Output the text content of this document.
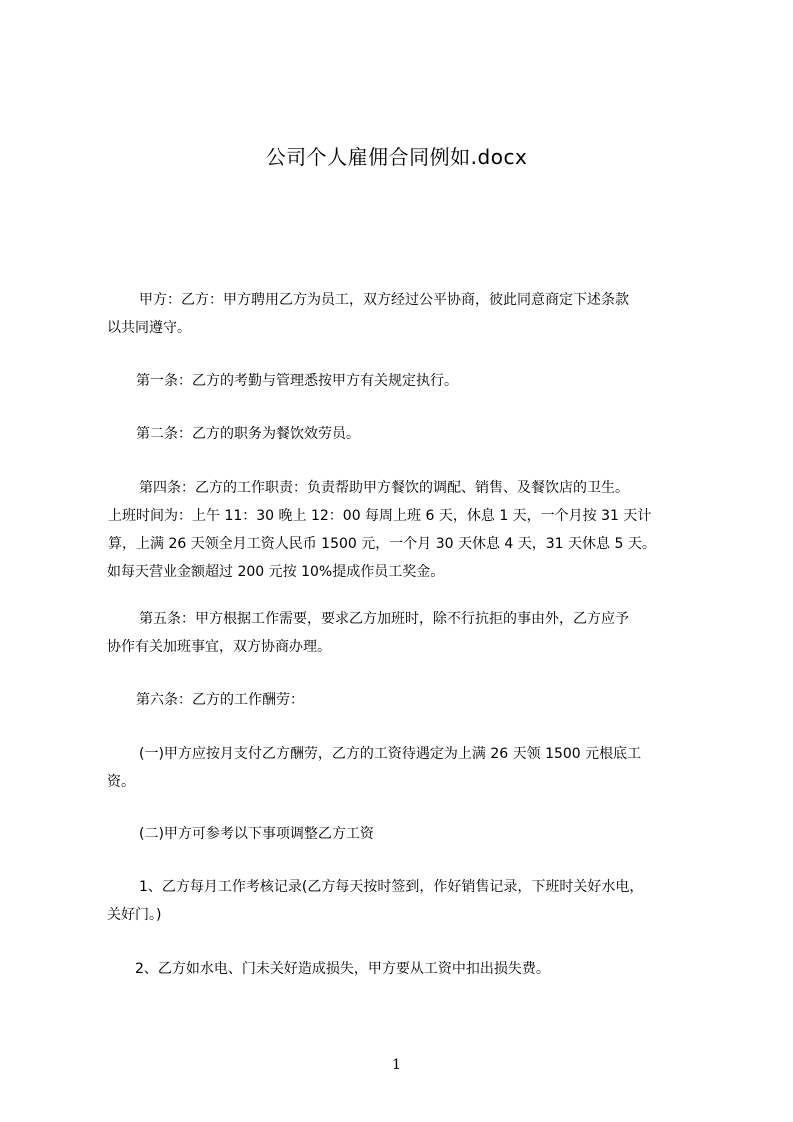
公司个人雇佣合同例如.docx
甲方：乙方：甲方聘用乙方为员工，双方经过公平协商，彼此同意商定下述条款
以共同遵守。
第一条：乙方的考勤与管理悉按甲方有关规定执行。
第二条：乙方的职务为餐饮效劳员。
第四条：乙方的工作职责：负责帮助甲方餐饮的调配、销售、及餐饮店的卫生。
上班时间为：上午 11：30 晚上 12：00 每周上班 6 天，休息 1 天，一个月按 31 天计
算，上满 26 天领全月工资人民币 1500 元，一个月 30 天休息 4 天，31 天休息 5 天。
如每天营业金额超过 200 元按 10%提成作员工奖金。
第五条：甲方根据工作需要，要求乙方加班时，除不行抗拒的事由外，乙方应予
协作有关加班事宜，双方协商办理。
第六条：乙方的工作酬劳：
(一)甲方应按月支付乙方酬劳，乙方的工资待遇定为上满 26 天领 1500 元根底工
资。
(二)甲方可参考以下事项调整乙方工资
1、乙方每月工作考核记录(乙方每天按时签到，作好销售记录，下班时关好水电，
关好门。)
2、乙方如水电、门未关好造成损失，甲方要从工资中扣出损失费。
1
